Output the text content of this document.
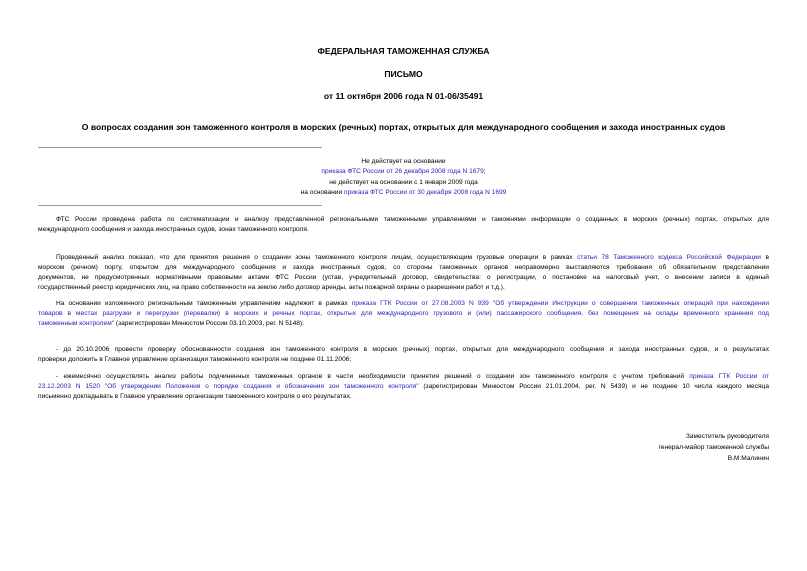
ФЕДЕРАЛЬНАЯ ТАМОЖЕННАЯ СЛУЖБА
ПИСЬМО
от 11 октября 2006 года N 01-06/35491
О вопросах создания зон таможенного контроля в морских (речных) портах, открытых для международного сообщения и захода иностранных судов
Не действует на основании
приказа ФТС России от 26 декабря 2008 года N 1679;
не действует на основании с 1 января 2009 года
на основании приказа ФТС России от 30 декабря 2008 года N 1699
ФТС России проведена работа по систематизации и анализу представленной региональными таможенными управлениями и таможнями информации о созданных в морских (речных) портах, открытых для
международного сообщения и захода иностранных судов, зонах таможенного контроля.
Проведенный анализ показал, что для принятия решения о создании зоны таможенного контроля лицам, осуществляющим грузовые операции в рамках статьи 78 Таможенного кодекса Российской Федерации в
морском (речном) порту, открытом для международного сообщения и захода иностранных судов, со стороны таможенных органов неправомерно выставляются требования об обязательном представлении
документов, не предусмотренных нормативными правовыми актами ФТС России (устав, учредительный договор, свидетельства: о регистрации, о постановке на налоговый учет, о внесении записи в единый
государственный реестр юридических лиц, на право собственности на землю либо договор аренды, акты пожарной охраны о разрешении работ и т.д.).
На основании изложенного региональным таможенным управлениям надлежит в рамках приказа ГТК России от 27.08.2003 N 939 "Об утверждении Инструкции о совершении таможенных операций при нахождении
товаров в местах разгрузки и перегрузки (перевалки) в морских и речных портах, открытых для международного грузового и (или) пассажирского сообщения, без помещения на склады временного хранения под
таможенным контролем" (зарегистрирован Минюстом России 03.10.2003, рег. N 5148):
- до 20.10.2006 провести проверку обоснованности создания зон таможенного контроля в морских (речных) портах, открытых для международного сообщения и захода иностранных судов, и о результатах
проверки доложить в Главное управление организации таможенного контроля не позднее 01.11.2006;
- ежемесячно осуществлять анализ работы подчиненных таможенных органов в части необходимости принятия решений о создании зон таможенного контроля с учетом требований приказа ГТК России от
23.12.2003 N 1520 "Об утверждении Положения о порядке создания и обозначения зон таможенного контроля" (зарегистрирован Минюстом России 21.01.2004, рег. N 5439) и не позднее 10 числа каждого месяца
письменно докладывать в Главное управление организации таможенного контроля о его результатах.
Заместитель руководителя
генерал-майор таможенной службы
В.М.Малинин
